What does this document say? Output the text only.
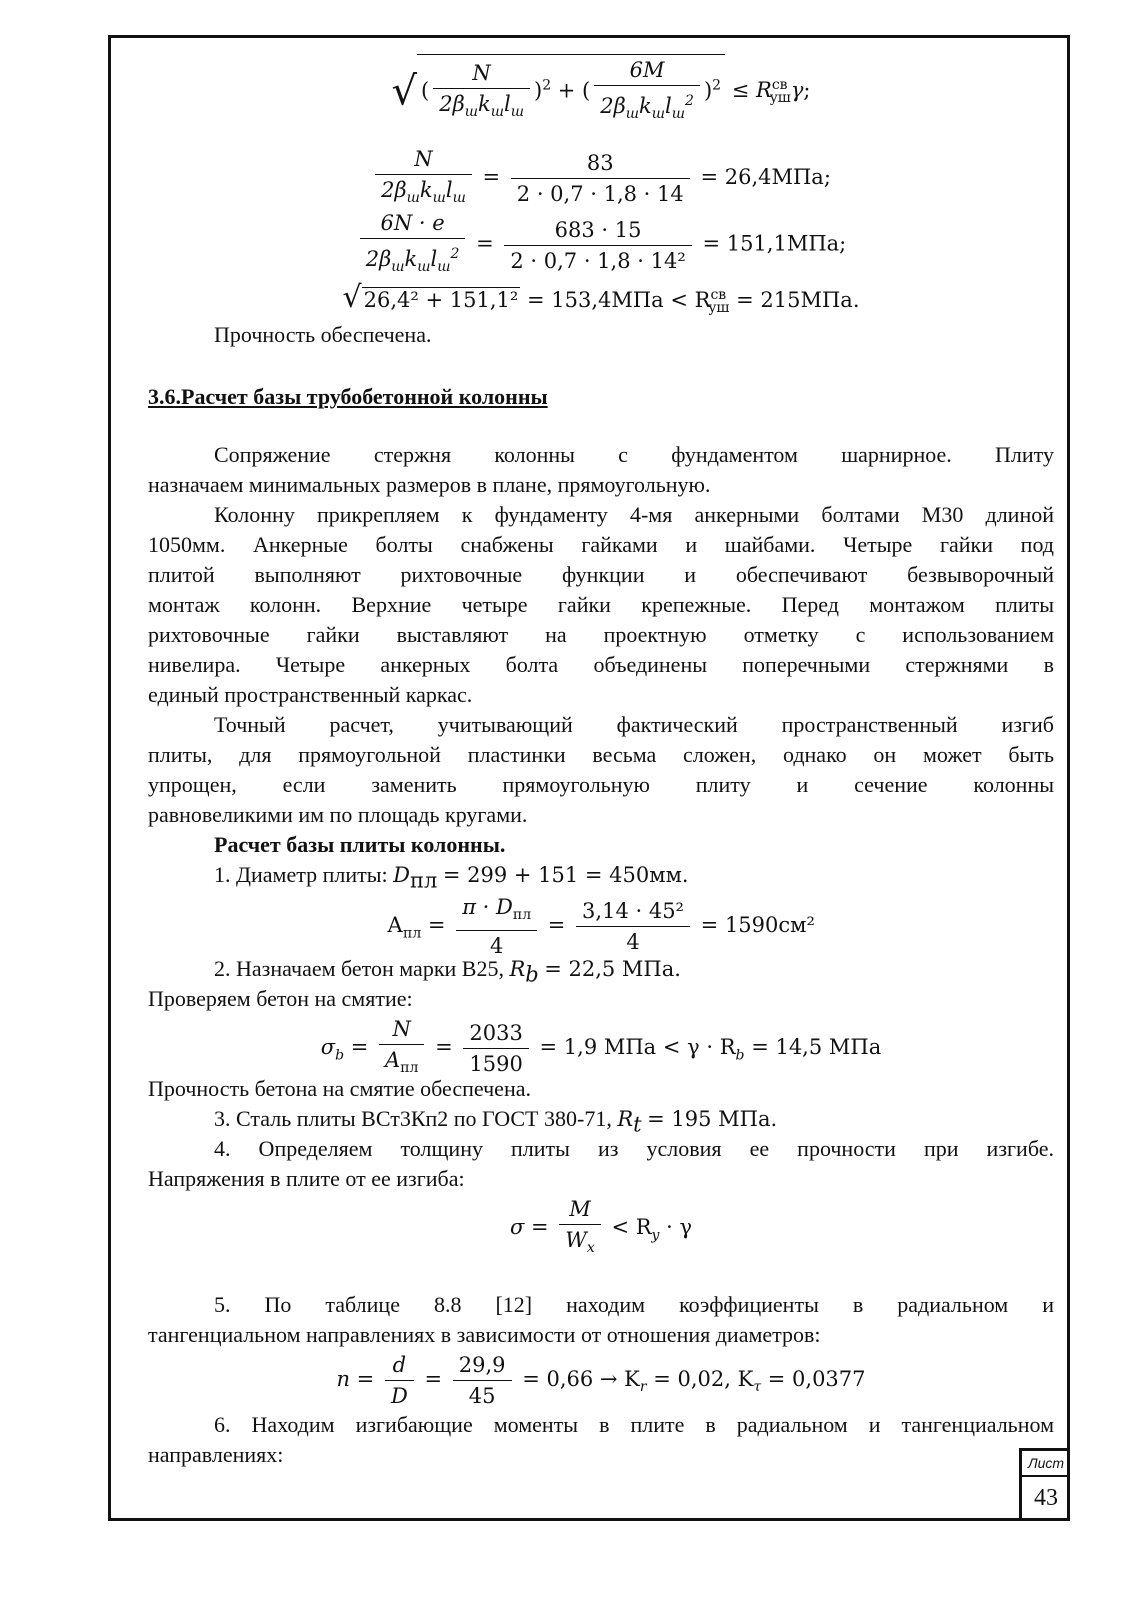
√ ( $\frac{N}{2\beta_шk_шl_ш} )^2$ + ( $\frac{6M}{2\beta_шk_шl_ш^2} )^2 \le R^{св}_{уш}\gamma$;
$\frac{N}{2\beta_шk_шl_ш} = \frac{83}{2 \cdot 0,7 \cdot 1,8 \cdot 14} = 26,4МПа$;
$\frac{6N \cdot e}{2\beta_шk_шl_ш^2} = \frac{683 \cdot 15}{\text{2 · 0,7 · 1,8 · 14²}} = 151,1МПа$;
$√26,4^2 + 151,1^2 = 153,4МПа < R^{св}_{уш} = 215МПа$.
Прочность обеспечена.
3.6.Расчет базы трубобетонной колонны
Сопряжение стержня колонны с фундаментом шарнирное. Плиту
назначаем минимальных размеров в плане, прямоугольную.
Колонну прикрепляем к фундаменту 4-мя анкерными болтами М30 длиной
1050мм. Анкерные болты снабжены гайками и шайбами. Четыре гайки под
плитой выполняют рихтовочные функции и обеспечивают безвыворочный
монтаж колонн. Верхние четыре гайки крепежные. Перед монтажом плиты
рихтовочные гайки выставляют на проектную отметку с использованием
нивелира. Четыре анкерных болта объединены поперечными стержнями в
единый пространственный каркас.
Точный расчет, учитывающий фактический пространственный изгиб
плиты, для прямоугольной пластинки весьма сложен, однако он может быть
упрощен, если заменить прямоугольную плиту и сечение колонны
равновеликими им по площадь кругами.
Расчет базы плиты колонны.
1. Диаметр плиты: $D_{пл} = 299 + 151 = 450мм$.
$А_{пл} = \frac{\pi \cdot D_{пл}}{4} = \frac{\text{3,14 · 45²}}{4} = 1590см^2$
2. Назначаем бетон марки В25, $R_b = 22,5$ МПа.
Проверяем бетон на смятие:
$\sigma_b = \frac{N}{A_{пл}} = \frac{2033}{1590} = 1,9$ МПа < $\gamma \cdot R_b = 14,5$ МПа
Прочность бетона на смятие обеспечена.
3. Сталь плиты ВСт3Кп2 по ГОСТ 380-71, $R_t = 195$ МПа.
4. Определяем толщину плиты из условия ее прочности при изгибе.
Напряжения в плите от ее изгиба:
$\sigma = \frac{M}{W_x} < R_y \cdot \gamma$
5. По таблице 8.8 [12] находим коэффициенты в радиальном и
тангенциальном направлениях в зависимости от отношения диаметров:
$n = \frac{d}{D} = \frac{29,9}{45} = 0,66 \to K_r = 0,02$, $K_\tau = 0,0377$
6. Находим изгибающие моменты в плите в радиальном и тангенциальном
направлениях:	Лист
43
